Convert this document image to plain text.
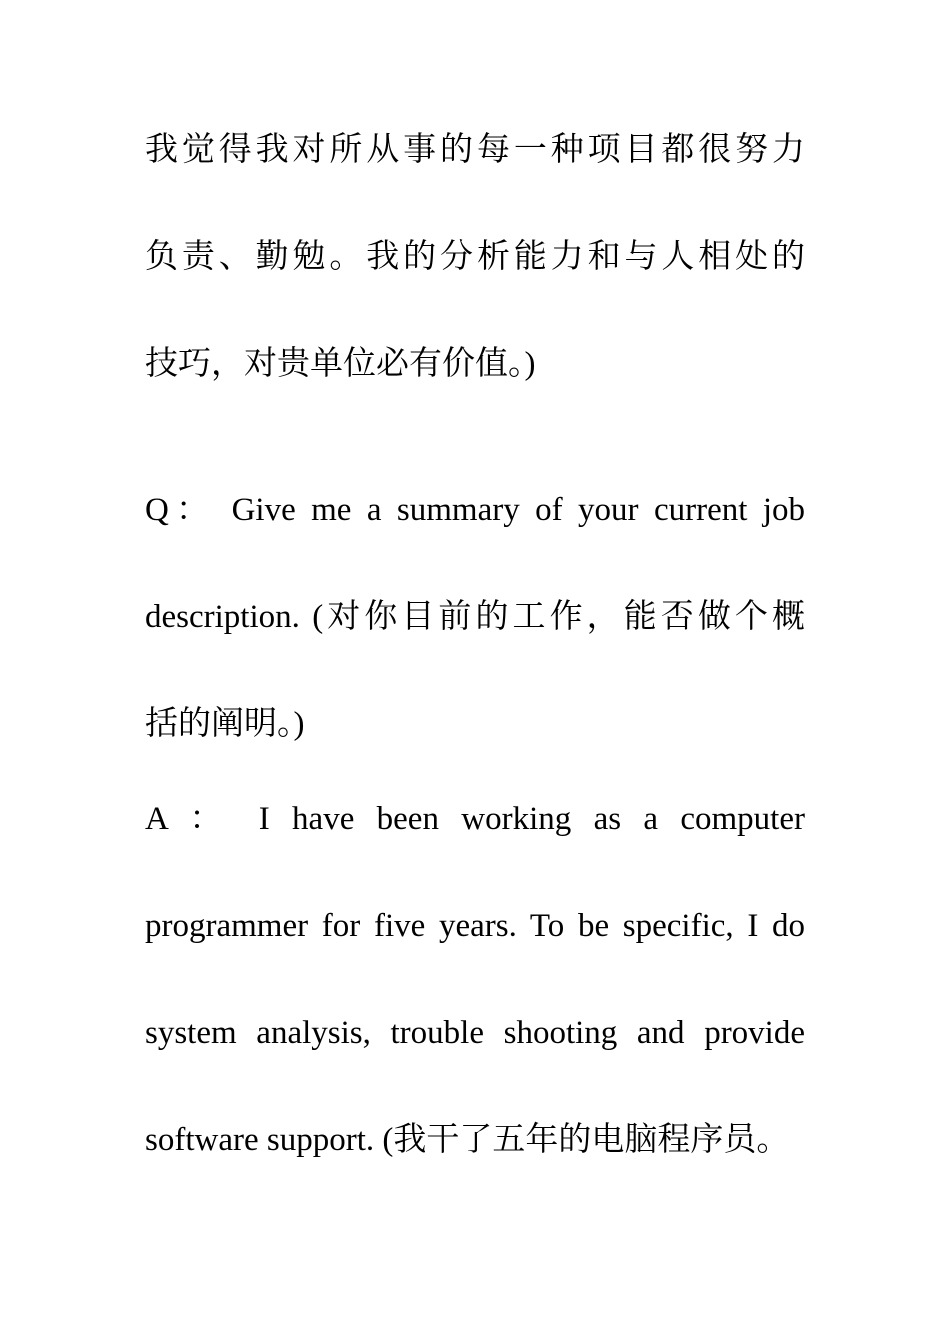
我觉得我对所从事的每一种项目都很努力
负责、勤勉。我的分析能力和与人相处的
技巧，对贵单位必有价值。)
Q： Give me a summary of your current job
description. (对你目前的工作，能否做个概
括的阐明。)
A ： I have been working as a computer
programmer for five years. To be specific, I do
system analysis, trouble shooting and provide
software support. (我干了五年的电脑程序员。
